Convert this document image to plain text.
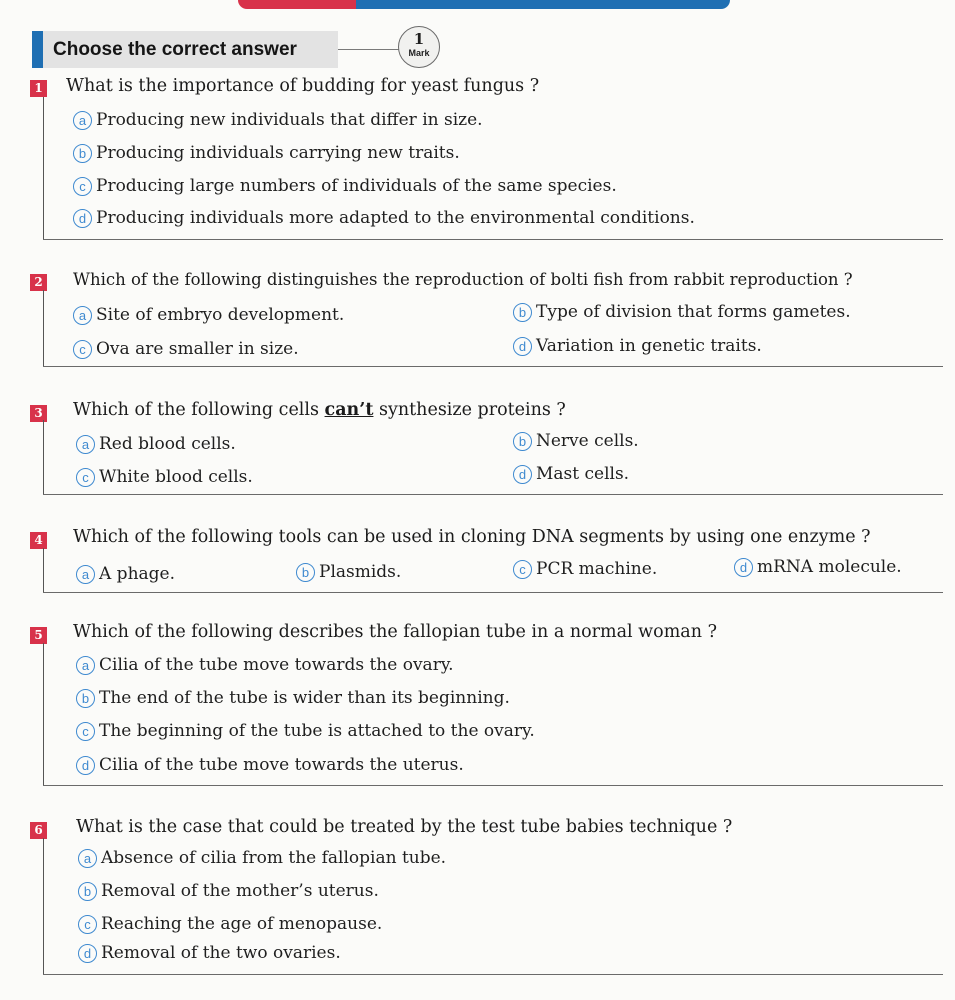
Choose the correct answer	1
Mark
1 What is the importance of budding for yeast fungus ?
a Producing new individuals that differ in size.
b Producing individuals carrying new traits.
c Producing large numbers of individuals of the same species.
d Producing individuals more adapted to the environmental conditions.
2 Which of the following distinguishes the reproduction of bolti fish from rabbit reproduction ?
a Site of embryo development.	b Type of division that forms gametes.
c Ova are smaller in size.	d Variation in genetic traits.
3 Which of the following cells can’t synthesize proteins ?
a Red blood cells.	b Nerve cells.
c White blood cells.	d Mast cells.
4 Which of the following tools can be used in cloning DNA segments by using one enzyme ?
a A phage.	b Plasmids.	c PCR machine.	d mRNA molecule.
5 Which of the following describes the fallopian tube in a normal woman ?
a Cilia of the tube move towards the ovary.
b The end of the tube is wider than its beginning.
c The beginning of the tube is attached to the ovary.
d Cilia of the tube move towards the uterus.
6 What is the case that could be treated by the test tube babies technique ?
a Absence of cilia from the fallopian tube.
b Removal of the mother’s uterus.
c Reaching the age of menopause.
d Removal of the two ovaries.
